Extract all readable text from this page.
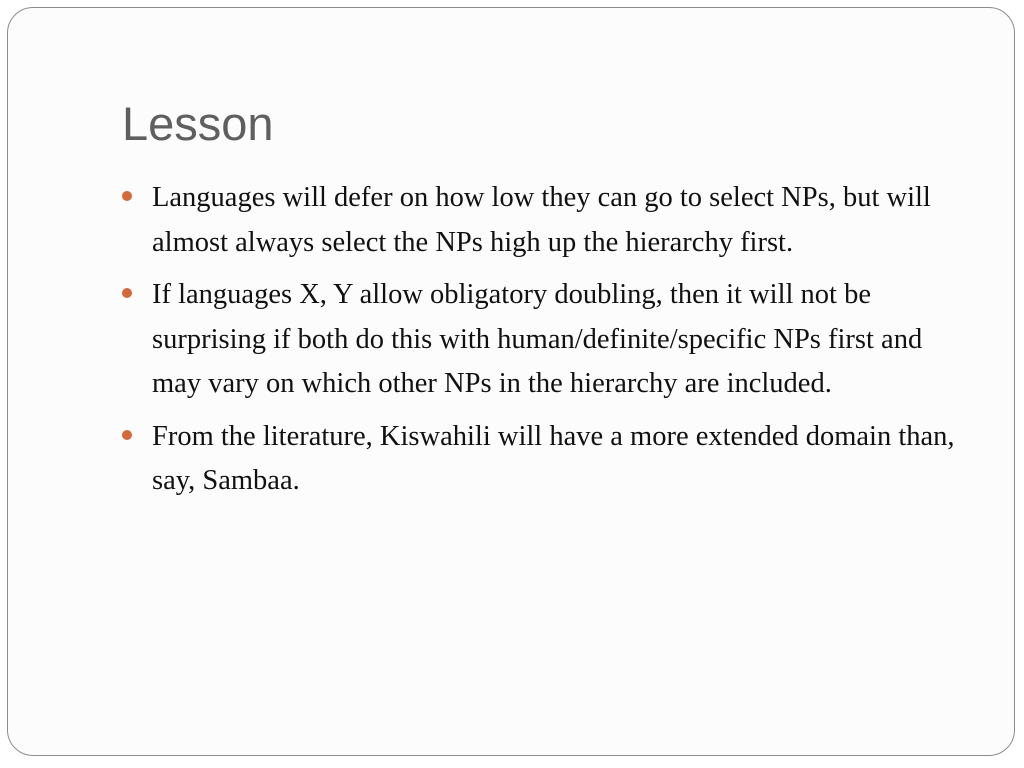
Lesson
Languages will defer on how low they can go to select NPs, but will almost always select the NPs high up the hierarchy first.
If languages X, Y allow obligatory doubling, then it will not be surprising if both do this with human/definite/specific NPs first and may vary on which other NPs in the hierarchy are included.
From the literature, Kiswahili will have a more extended domain than, say, Sambaa.
